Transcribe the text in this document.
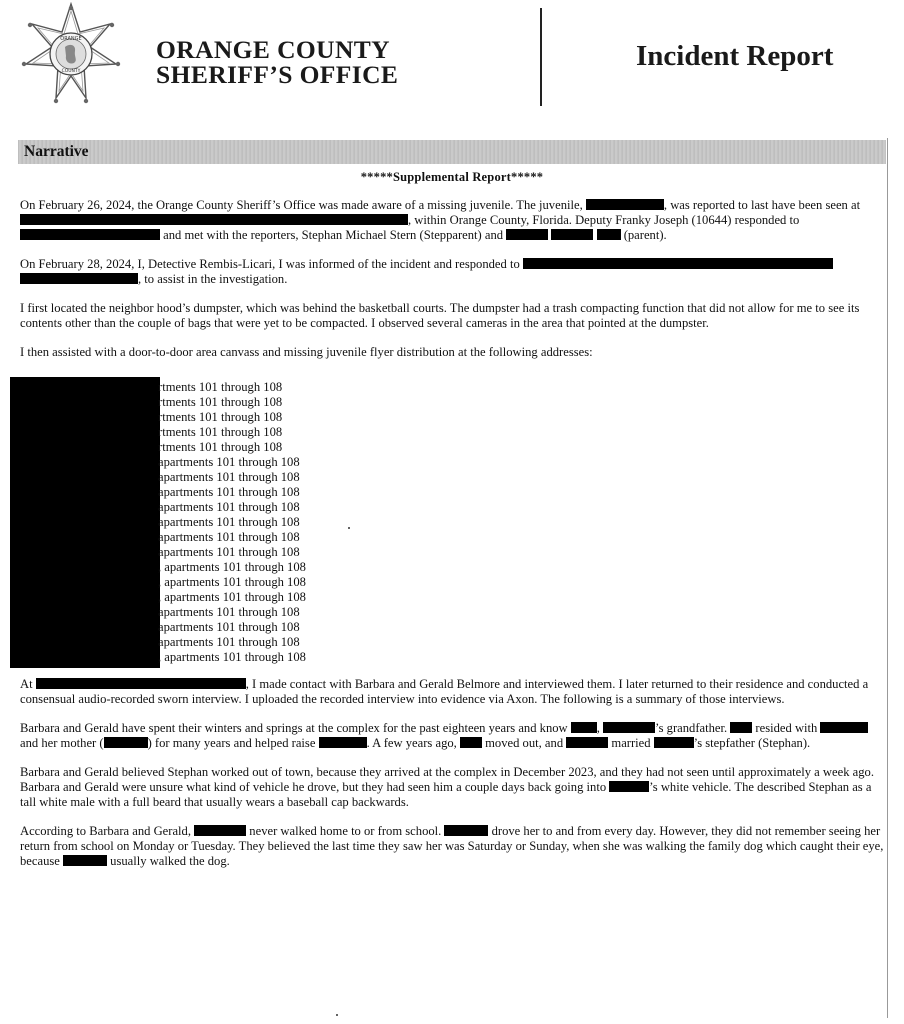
ORANGE
COUNTY
ORANGE COUNTY
SHERIFF’S OFFICE
Incident Report
Narrative
*****Supplemental Report*****

On February 26, 2024, the Orange County Sheriff’s Office was made aware of a missing juvenile. The juvenile,	, was reported to last have been seen at , within Orange County, Florida. Deputy Franky Joseph (10644) responded to  and met with the reporters, Stephan Michael Stern (Stepparent) and	(parent).

On February 28, 2024, I, Detective Rembis-Licari, I was informed of the incident and responded to  , to assist in the investigation.

I first located the neighbor hood’s dumpster, which was behind the basketball courts. The dumpster had a trash compacting function that did not allow for me to see its contents other than the couple of bags that were yet to be compacted. I observed several cameras in the area that pointed at the dumpster.

I then assisted with a door-to-door area canvass and missing juvenile flyer distribution at the following addresses:

At	, I made contact with Barbara and Gerald Belmore and interviewed them. I later returned to their residence and conducted a consensual audio-recorded sworn interview. I uploaded the recorded interview into evidence via Axon. The following is a summary of those interviews.

Barbara and Gerald have spent their winters and springs at the complex for the past eighteen years and know ,	’s grandfather.  resided with  and her mother (	) for many years and helped raise	. A few years ago,  moved out, and	married	’s stepfather (Stephan).

Barbara and Gerald believed Stephan worked out of town, because they arrived at the complex in December 2023, and they had not seen until approximately a week ago. Barbara and Gerald were unsure what kind of vehicle he drove, but they had seen him a couple days back going into	’s white vehicle. The described Stephan as a tall white male with a full beard that usually wears a baseball cap backwards.

According to Barbara and Gerald,	never walked home to or from school.	drove her to and from every day. However, they did not remember seeing her return from school on Monday or Tuesday. They believed the last time they saw her was Saturday or Sunday, when she was walking the family dog which caught their eye, because	usually walked the dog.

rtments 101 through 108
rtments 101 through 108
rtments 101 through 108
rtments 101 through 108
rtments 101 through 108
apartments 101 through 108
apartments 101 through 108
apartments 101 through 108
apartments 101 through 108
apartments 101 through 108
apartments 101 through 108
apartments 101 through 108
, apartments 101 through 108
, apartments 101 through 108
, apartments 101 through 108
apartments 101 through 108
apartments 101 through 108
apartments 101 through 108
, apartments 101 through 108
